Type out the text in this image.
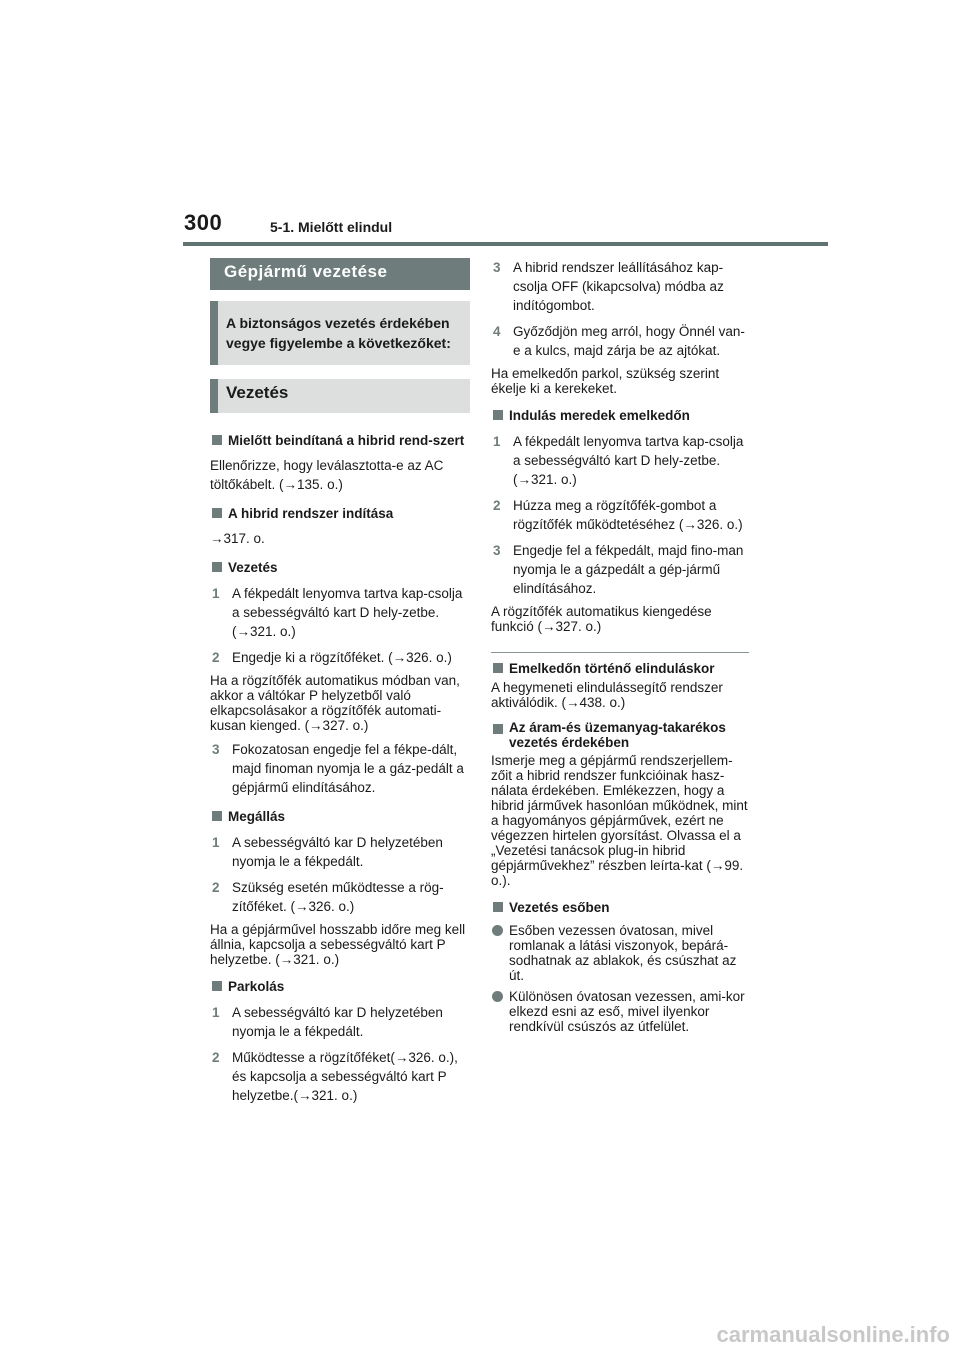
300	5-1. Mielőtt elindul
Gépjármű vezetése
A biztonságos vezetés érdekében vegye figyelembe a következőket:
Vezetés
Mielőtt beindítaná a hibrid rend-szert

Ellenőrizze, hogy leválasztotta-e az AC töltőkábelt. (→135. o.)

A hibrid rendszer indítása

→317. o.

Vezetés
1 A fékpedált lenyomva tartva kap-csolja a sebességváltó kart D hely-zetbe. (→321. o.)
2 Engedje ki a rögzítőféket. (→326. o.)
Ha a rögzítőfék automatikus módban van, akkor a váltókar P helyzetből való elkapcsolásakor a rögzítőfék automati-kusan kienged. (→327. o.)
3 Fokozatosan engedje fel a fékpe-dált, majd finoman nyomja le a gáz-pedált a gépjármű elindításához.
Megállás
1 A sebességváltó kar D helyzetében nyomja le a fékpedált.
2 Szükség esetén működtesse a rög-zítőféket. (→326. o.)
Ha a gépjárművel hosszabb időre meg kell állnia, kapcsolja a sebességváltó kart P helyzetbe. (→321. o.)
Parkolás
1 A sebességváltó kar D helyzetében nyomja le a fékpedált.
2 Működtesse a rögzítőféket(→326. o.), és kapcsolja a sebességváltó kart P helyzetbe.(→321. o.)
3 A hibrid rendszer leállításához kap-csolja OFF (kikapcsolva) módba az indítógombot.
4 Győződjön meg arról, hogy Önnél van-e a kulcs, majd zárja be az ajtókat.
Ha emelkedőn parkol, szükség szerint ékelje ki a kerekeket.
Indulás meredek emelkedőn
1 A fékpedált lenyomva tartva kap-csolja a sebességváltó kart D hely-zetbe. (→321. o.)
2 Húzza meg a rögzítőfék-gombot a rögzítőfék működtetéséhez (→326. o.)
3 Engedje fel a fékpedált, majd fino-man nyomja le a gázpedált a gép-jármű elindításához.
A rögzítőfék automatikus kiengedése funkció (→327. o.)
Emelkedőn történő elinduláskor
A hegymeneti elindulássegítő rendszer aktiválódik. (→438. o.)
Az áram-és üzemanyag-takarékos vezetés érdekében
Ismerje meg a gépjármű rendszerjellem-zőit a hibrid rendszer funkcióinak hasz-nálata érdekében. Emlékezzen, hogy a hibrid járművek hasonlóan működnek, mint a hagyományos gépjárművek, ezért ne végezzen hirtelen gyorsítást. Olvassa el a „Vezetési tanácsok plug-in hibrid gépjárművekhez” részben leírta-kat (→99. o.).
Vezetés esőben
Esőben vezessen óvatosan, mivel romlanak a látási viszonyok, bepárá-sodhatnak az ablakok, és csúszhat az út.
Különösen óvatosan vezessen, ami-kor elkezd esni az eső, mivel ilyenkor rendkívül csúszós az útfelület.
carmanualsonline.info
